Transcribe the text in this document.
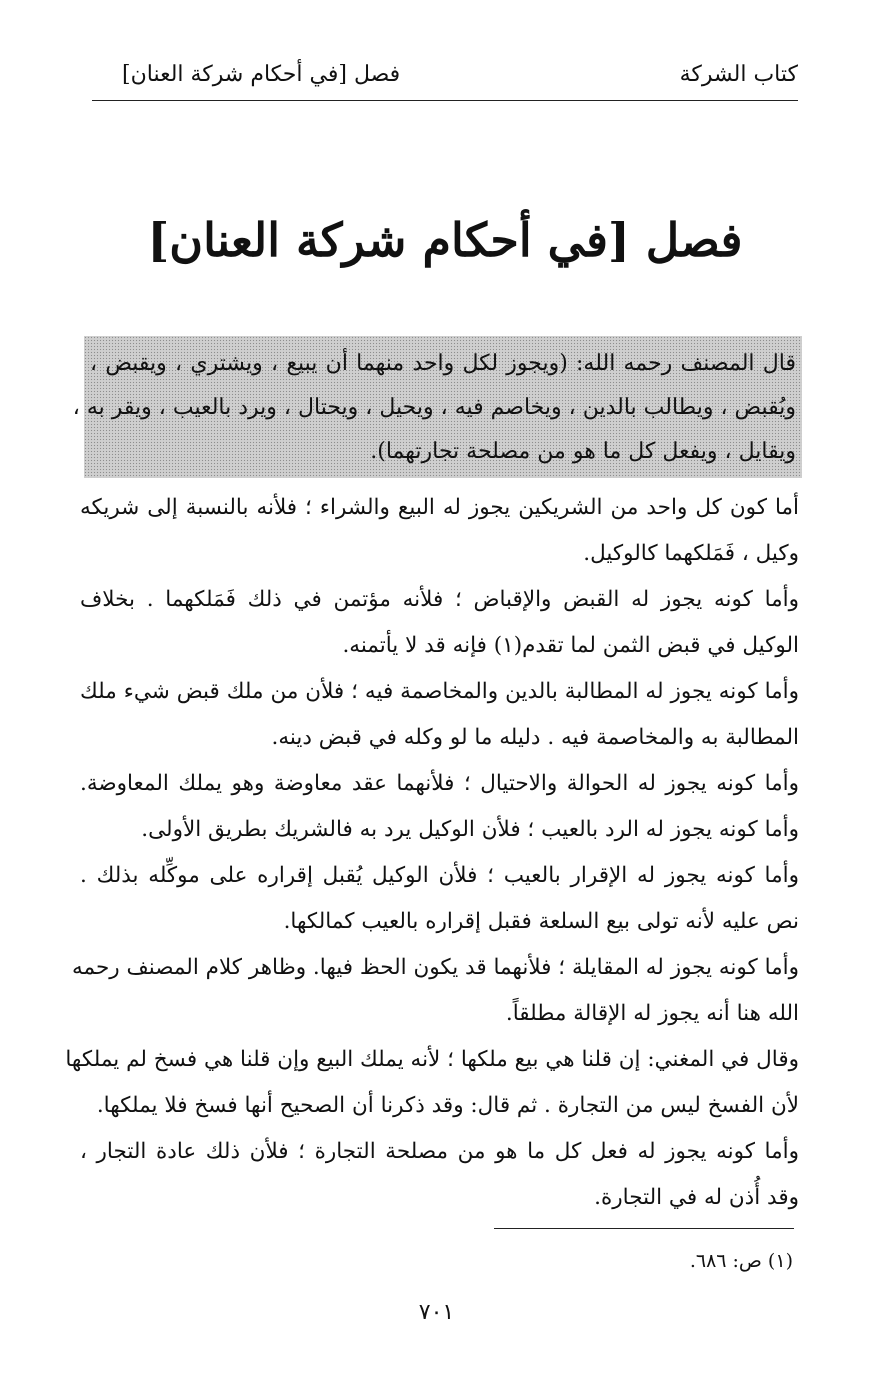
كتاب الشركة
فصل [في أحكام شركة العنان]
فصل [في أحكام شركة العنان]
قال المصنف رحمه الله: (ويجوز لكل واحد منهما أن يبيع ، ويشتري ، ويقبض ،
ويُقبض ، ويطالب بالدين ، ويخاصم فيه ، ويحيل ، ويحتال ، ويرد بالعيب ، ويقر به ،
ويقايل ، ويفعل كل ما هو من مصلحة تجارتهما).
أما كون كل واحد من الشريكين يجوز له البيع والشراء ؛ فلأنه بالنسبة إلى شريكه
وكيل ، فَمَلكهما كالوكيل.
وأما كونه يجوز له القبض والإقباض ؛ فلأنه مؤتمن في ذلك فَمَلكهما . بخلاف
الوكيل في قبض الثمن لما تقدم(١) فإنه قد لا يأتمنه.
وأما كونه يجوز له المطالبة بالدين والمخاصمة فيه ؛ فلأن من ملك قبض شيء ملك
المطالبة به والمخاصمة فيه . دليله ما لو وكله في قبض دينه.
وأما كونه يجوز له الحوالة والاحتيال ؛ فلأنهما عقد معاوضة وهو يملك المعاوضة.
وأما كونه يجوز له الرد بالعيب ؛ فلأن الوكيل يرد به فالشريك بطريق الأولى.
وأما كونه يجوز له الإقرار بالعيب ؛ فلأن الوكيل يُقبل إقراره على موكِّله بذلك .
نص عليه لأنه تولى بيع السلعة فقبل إقراره بالعيب كمالكها.
وأما كونه يجوز له المقايلة ؛ فلأنهما قد يكون الحظ فيها. وظاهر كلام المصنف رحمه
الله هنا أنه يجوز له الإقالة مطلقاً.
وقال في المغني: إن قلنا هي بيع ملكها ؛ لأنه يملك البيع وإن قلنا هي فسخ لم يملكها
لأن الفسخ ليس من التجارة . ثم قال: وقد ذكرنا أن الصحيح أنها فسخ فلا يملكها.
وأما كونه يجوز له فعل كل ما هو من مصلحة التجارة ؛ فلأن ذلك عادة التجار ،
وقد أُذن له في التجارة.
(١) ص: ٦٨٦.
٧٠١
